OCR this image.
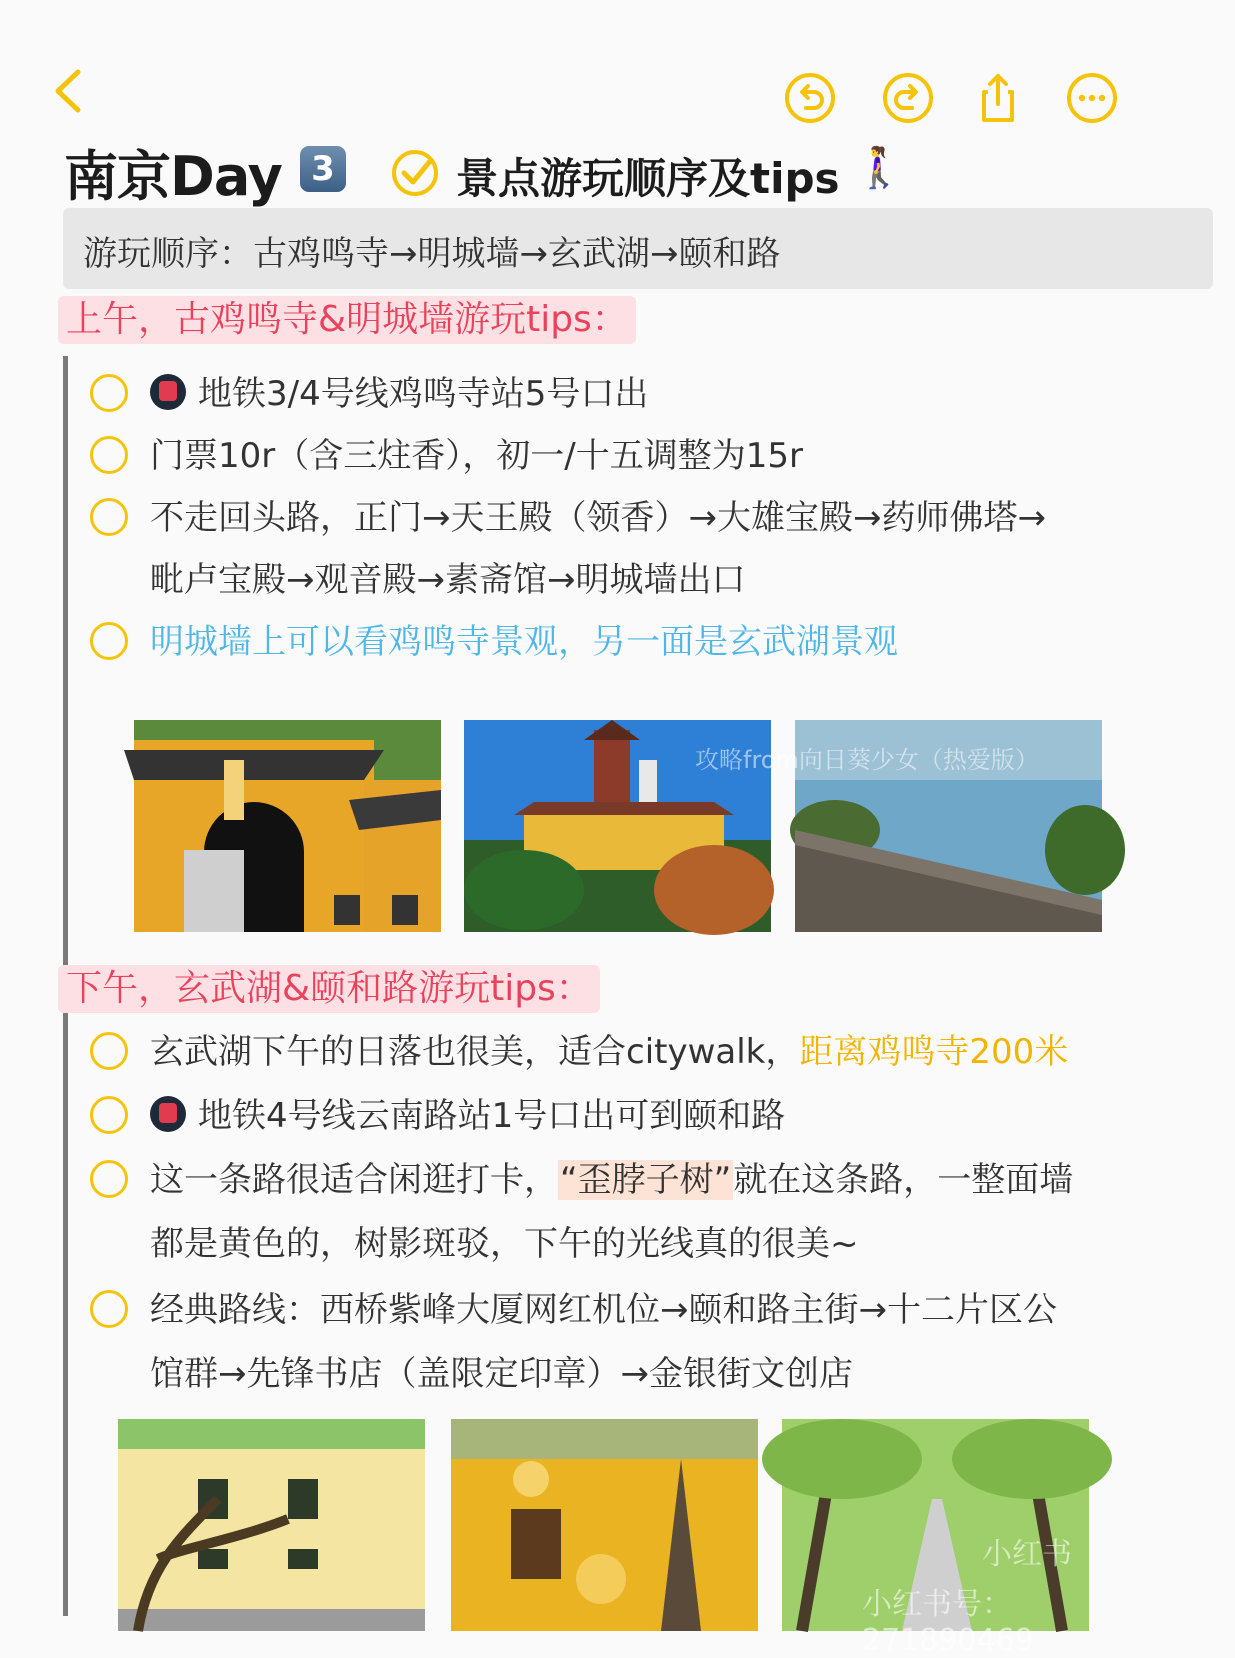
南京Day 3	景点游玩顺序及tips 🚶‍♀️
游玩顺序：古鸡鸣寺→明城墙→玄武湖→颐和路
上午，古鸡鸣寺&明城墙游玩tips：
地铁3/4号线鸡鸣寺站5号口出
门票10r（含三炷香），初一/十五调整为15r
不走回头路，正门→天王殿（领香）→大雄宝殿→药师佛塔→
毗卢宝殿→观音殿→素斋馆→明城墙出口
明城墙上可以看鸡鸣寺景观，另一面是玄武湖景观
攻略from向日葵少女（热爱版）
下午，玄武湖&颐和路游玩tips：
玄武湖下午的日落也很美，适合citywalk，距离鸡鸣寺200米
地铁4号线云南路站1号口出可到颐和路
这一条路很适合闲逛打卡，“歪脖子树”就在这条路，一整面墙
都是黄色的，树影斑驳，下午的光线真的很美~
经典路线：西桥紫峰大厦网红机位→颐和路主街→十二片区公
馆群→先锋书店（盖限定印章）→金银街文创店
小红书
小红书号：2718904​69
